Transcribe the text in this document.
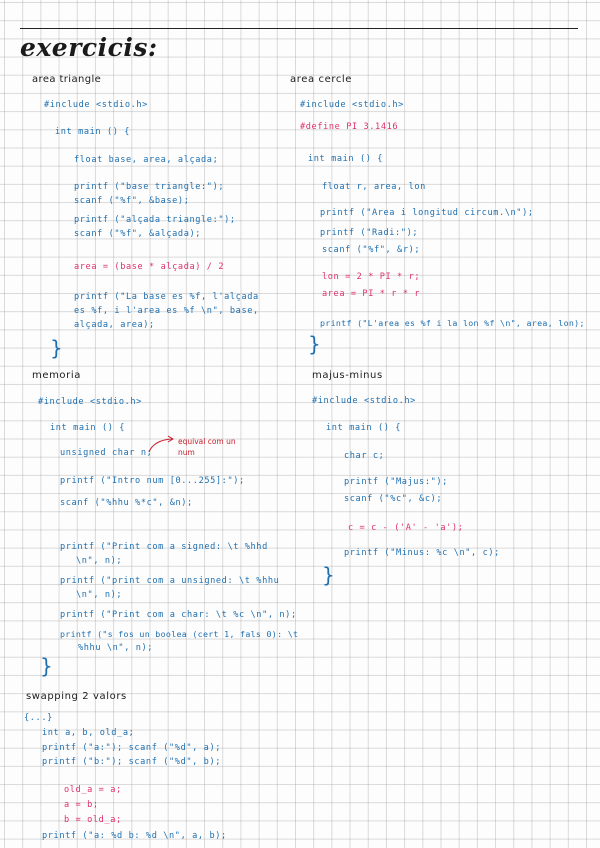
exercicis:
area triangle
#include <stdio.h>
int main () {
float base, area, alçada;
printf ("base triangle:");
scanf ("%f", &base);
printf ("alçada triangle:");
scanf ("%f", &alçada);
area = (base * alçada) / 2
printf ("La base es %f, l'alçada
es %f, i l'area es %f \n", base,
alçada, area);
}
area cercle
#include <stdio.h>
#define PI 3.1416
int main () {
float r, area, lon
printf ("Area i longitud circum.\n");
printf ("Radi:");
scanf ("%f", &r);
lon = 2 * PI * r;
area = PI * r * r
printf ("L'area es %f i la lon %f \n", area, lon);
}
memoria
#include <stdio.h>
int main () {
unsigned char n;
equival com un num
printf ("Intro num [0...255]:");
scanf ("%hhu %*c", &n);
printf ("Print com a signed: \t %hhd
\n", n);
printf ("print com a unsigned: \t %hhu
\n", n);
printf ("Print com a char: \t %c \n", n);
printf ("s fos un boolea (cert 1, fals 0): \t
%hhu \n", n);
}
majus-minus
#include <stdio.h>
int main () {
char c;
printf ("Majus:");
scanf ("%c", &c);
c = c - ('A' - 'a');
printf ("Minus: %c \n", c);
}
swapping 2 valors
{...}
int a, b, old_a;
printf ("a:"); scanf ("%d", a);
printf ("b:"); scanf ("%d", b);
old_a = a;
a = b;
b = old_a;
printf ("a: %d b: %d \n", a, b);
